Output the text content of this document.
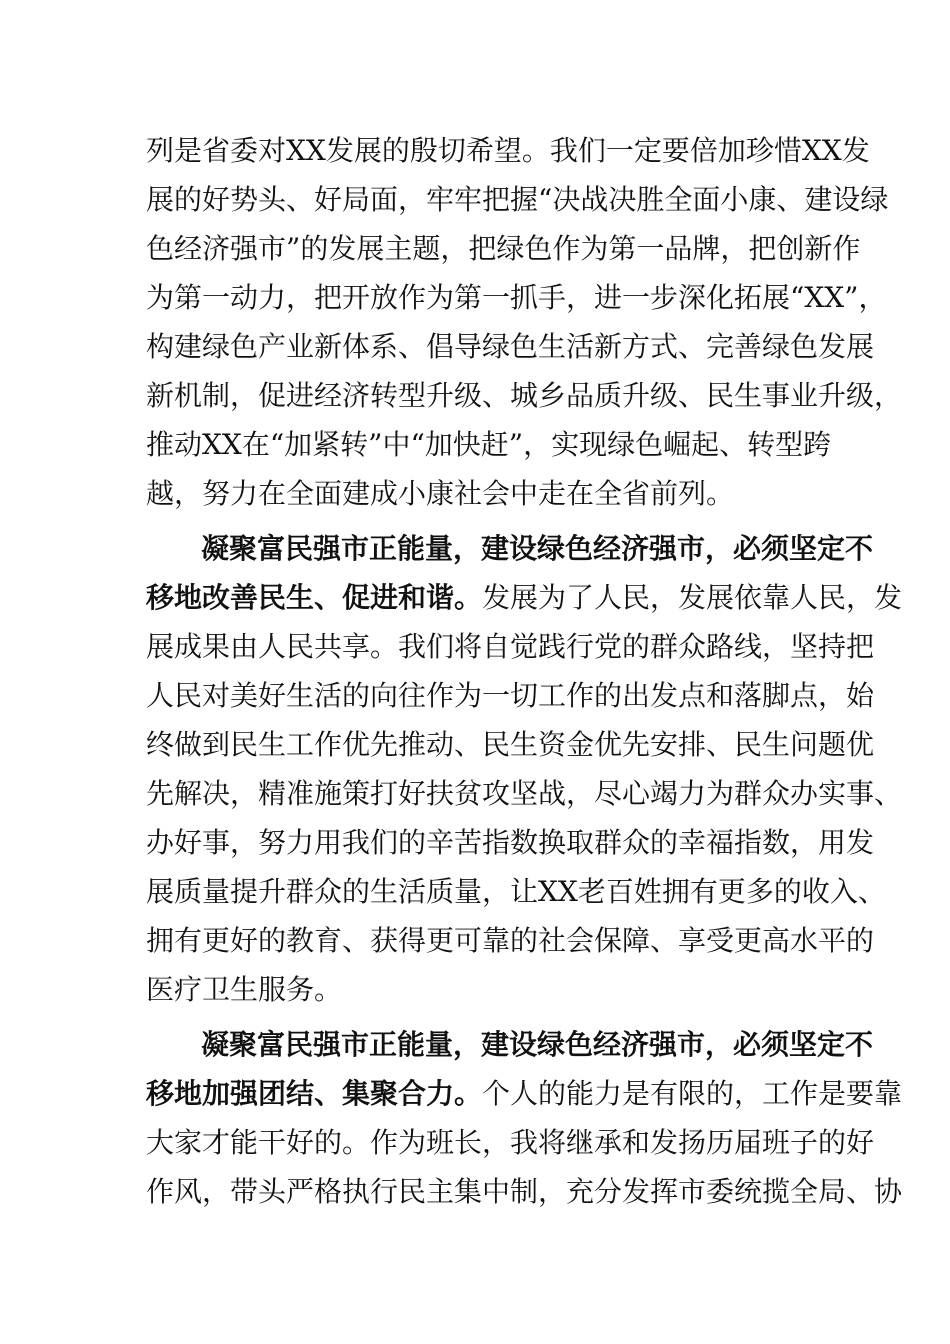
列是省委对XX发展的殷切希望。我们一定要倍加珍惜XX发
展的好势头、好局面，牢牢把握“决战决胜全面小康、建设绿
色经济强市”的发展主题，把绿色作为第一品牌，把创新作
为第一动力，把开放作为第一抓手，进一步深化拓展“XX”，
构建绿色产业新体系、倡导绿色生活新方式、完善绿色发展
新机制，促进经济转型升级、城乡品质升级、民生事业升级，
推动XX在“加紧转”中“加快赶”，实现绿色崛起、转型跨
越，努力在全面建成小康社会中走在全省前列。
凝聚富民强市正能量，建设绿色经济强市，必须坚定不
移地改善民生、促进和谐。发展为了人民，发展依靠人民，发
展成果由人民共享。我们将自觉践行党的群众路线，坚持把
人民对美好生活的向往作为一切工作的出发点和落脚点，始
终做到民生工作优先推动、民生资金优先安排、民生问题优
先解决，精准施策打好扶贫攻坚战，尽心竭力为群众办实事、
办好事，努力用我们的辛苦指数换取群众的幸福指数，用发
展质量提升群众的生活质量，让XX老百姓拥有更多的收入、
拥有更好的教育、获得更可靠的社会保障、享受更高水平的
医疗卫生服务。
凝聚富民强市正能量，建设绿色经济强市，必须坚定不
移地加强团结、集聚合力。个人的能力是有限的，工作是要靠
大家才能干好的。作为班长，我将继承和发扬历届班子的好
作风，带头严格执行民主集中制，充分发挥市委统揽全局、协
